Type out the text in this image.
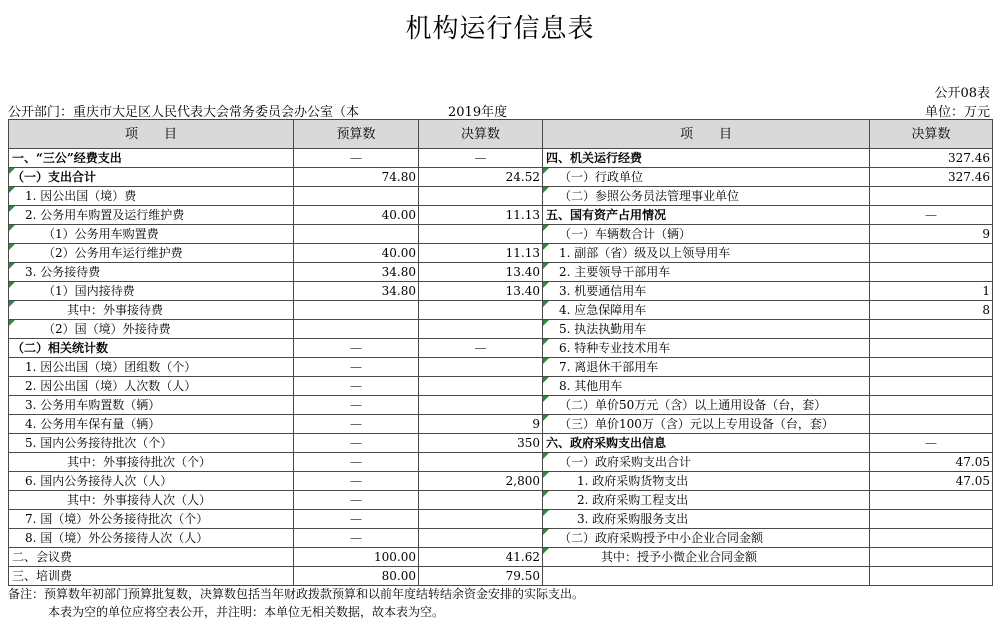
机构运行信息表
公开08表
公开部门：重庆市大足区人民代表大会常务委员会办公室（本	2019年度	单位：万元
项　　目	预算数	决算数	项　　目	决算数
一、“三公”经费支出	—	—	四、机关运行经费	327.46
（一）支出合计	74.80	24.52	（一）行政单位	327.46
1. 因公出国（境）费			（二）参照公务员法管理事业单位	
2. 公务用车购置及运行维护费	40.00	11.13	五、国有资产占用情况	—
（1）公务用车购置费			（一）车辆数合计（辆）	9
（2）公务用车运行维护费	40.00	11.13	1. 副部（省）级及以上领导用车	
3. 公务接待费	34.80	13.40	2. 主要领导干部用车	
（1）国内接待费	34.80	13.40	3. 机要通信用车	1
其中：外事接待费			4. 应急保障用车	8
（2）国（境）外接待费			5. 执法执勤用车	
（二）相关统计数	—	—	6. 特种专业技术用车	
1. 因公出国（境）团组数（个）	—		7. 离退休干部用车	
2. 因公出国（境）人次数（人）	—		8. 其他用车	
3. 公务用车购置数（辆）	—		（二）单价50万元（含）以上通用设备（台，套）	
4. 公务用车保有量（辆）	—	9	（三）单价100万（含）元以上专用设备（台，套）	
5. 国内公务接待批次（个）	—	350	六、政府采购支出信息	—
其中：外事接待批次（个）	—		（一）政府采购支出合计	47.05
6. 国内公务接待人次（人）	—	2,800	1. 政府采购货物支出	47.05
其中：外事接待人次（人）	—		2. 政府采购工程支出	
7. 国（境）外公务接待批次（个）	—		3. 政府采购服务支出	
8. 国（境）外公务接待人次（人）	—		（二）政府采购授予中小企业合同金额	
二、会议费	100.00	41.62	其中：授予小微企业合同金额	
三、培训费	80.00	79.50		
备注：预算数年初部门预算批复数，决算数包括当年财政拨款预算和以前年度结转结余资金安排的实际支出。
本表为空的单位应将空表公开，并注明：本单位无相关数据，故本表为空。
